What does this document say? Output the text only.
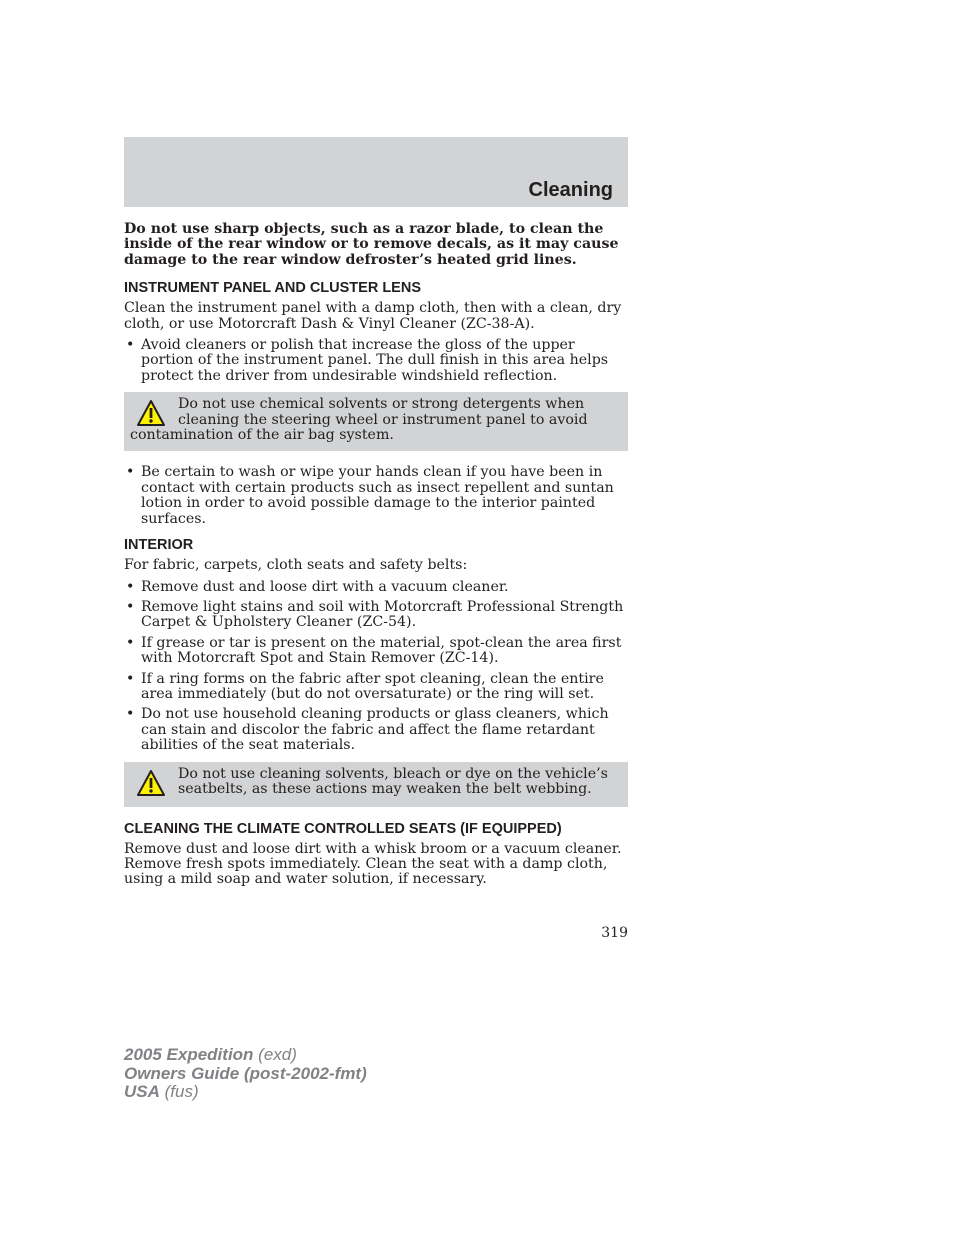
Cleaning

Do not use sharp objects, such as a razor blade, to clean the inside of the rear window or to remove decals, as it may cause damage to the rear window defroster’s heated grid lines.

INSTRUMENT PANEL AND CLUSTER LENS

Clean the instrument panel with a damp cloth, then with a clean, dry cloth, or use Motorcraft Dash & Vinyl Cleaner (ZC-38-A).

• Avoid cleaners or polish that increase the gloss of the upper portion of the instrument panel. The dull finish in this area helps protect the driver from undesirable windshield reflection.
Do not use chemical solvents or strong detergents when cleaning the steering wheel or instrument panel to avoid contamination of the air bag system.
• Be certain to wash or wipe your hands clean if you have been in contact with certain products such as insect repellent and suntan lotion in order to avoid possible damage to the interior painted surfaces.
INTERIOR

For fabric, carpets, cloth seats and safety belts:

• Remove dust and loose dirt with a vacuum cleaner.
• Remove light stains and soil with Motorcraft Professional Strength Carpet & Upholstery Cleaner (ZC-54).
• If grease or tar is present on the material, spot-clean the area first with Motorcraft Spot and Stain Remover (ZC-14).
• If a ring forms on the fabric after spot cleaning, clean the entire area immediately (but do not oversaturate) or the ring will set.
• Do not use household cleaning products or glass cleaners, which can stain and discolor the fabric and affect the flame retardant abilities of the seat materials.
Do not use cleaning solvents, bleach or dye on the vehicle’s seatbelts, as these actions may weaken the belt webbing.
CLEANING THE CLIMATE CONTROLLED SEATS (IF EQUIPPED)

Remove dust and loose dirt with a whisk broom or a vacuum cleaner. Remove fresh spots immediately. Clean the seat with a damp cloth, using a mild soap and water solution, if necessary.

319
2005 Expedition (exd)
Owners Guide (post-2002-fmt)
USA (fus)
